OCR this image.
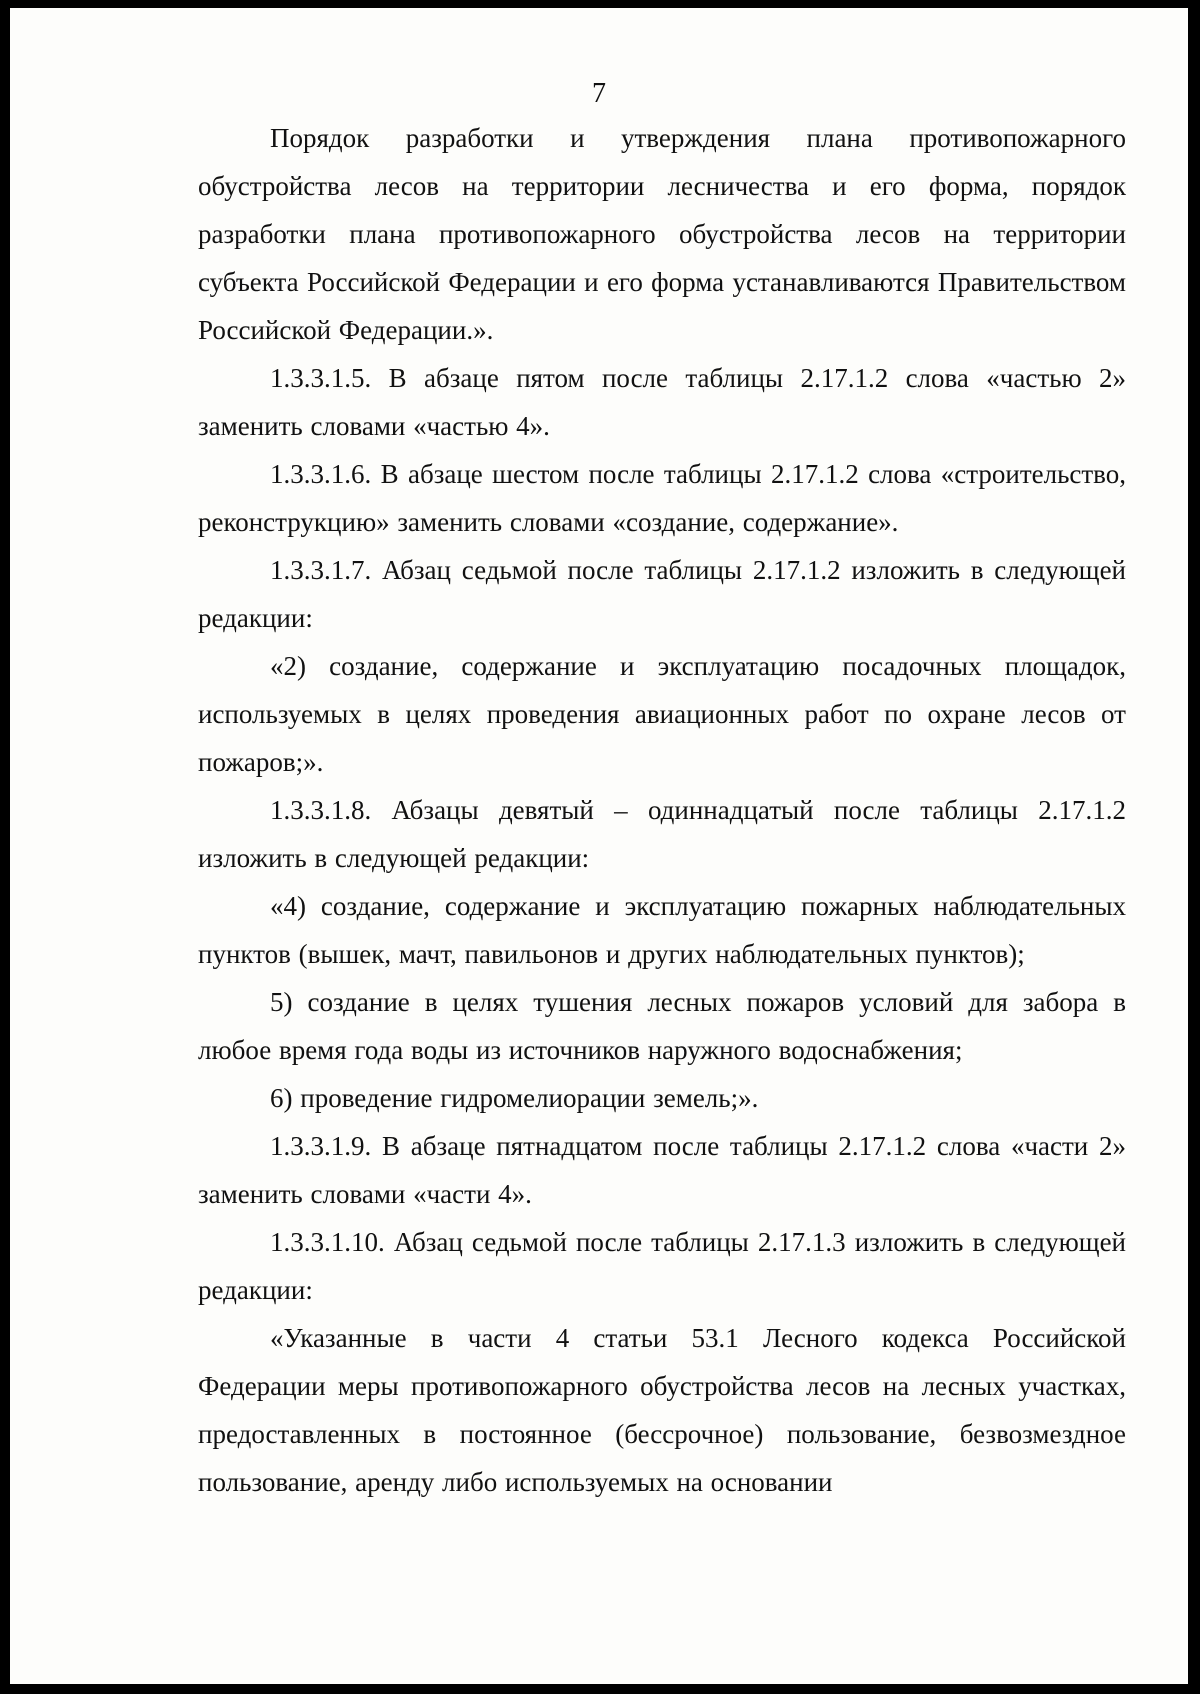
7

Порядок разработки и утверждения плана противопожарного обустройства лесов на территории лесничества и его форма, порядок разработки плана противопожарного обустройства лесов на территории субъекта Российской Федерации и его форма устанавливаются Правительством Российской Федерации.».

1.3.3.1.5. В абзаце пятом после таблицы 2.17.1.2 слова «частью 2» заменить словами «частью 4».

1.3.3.1.6. В абзаце шестом после таблицы 2.17.1.2 слова «строительство, реконструкцию» заменить словами «создание, содержание».

1.3.3.1.7. Абзац седьмой после таблицы 2.17.1.2 изложить в следующей редакции:

«2) создание, содержание и эксплуатацию посадочных площадок, используемых в целях проведения авиационных работ по охране лесов от пожаров;».

1.3.3.1.8. Абзацы девятый – одиннадцатый после таблицы 2.17.1.2 изложить в следующей редакции:

«4) создание, содержание и эксплуатацию пожарных наблюдательных пунктов (вышек, мачт, павильонов и других наблюдательных пунктов);

5) создание в целях тушения лесных пожаров условий для забора в любое время года воды из источников наружного водоснабжения;

6) проведение гидромелиорации земель;».

1.3.3.1.9. В абзаце пятнадцатом после таблицы 2.17.1.2 слова «части 2» заменить словами «части 4».

1.3.3.1.10. Абзац седьмой после таблицы 2.17.1.3 изложить в следующей редакции:

«Указанные в части 4 статьи 53.1 Лесного кодекса Российской Федерации меры противопожарного обустройства лесов на лесных участках, предоставленных в постоянное (бессрочное) пользование, безвозмездное пользование, аренду либо используемых на основании
